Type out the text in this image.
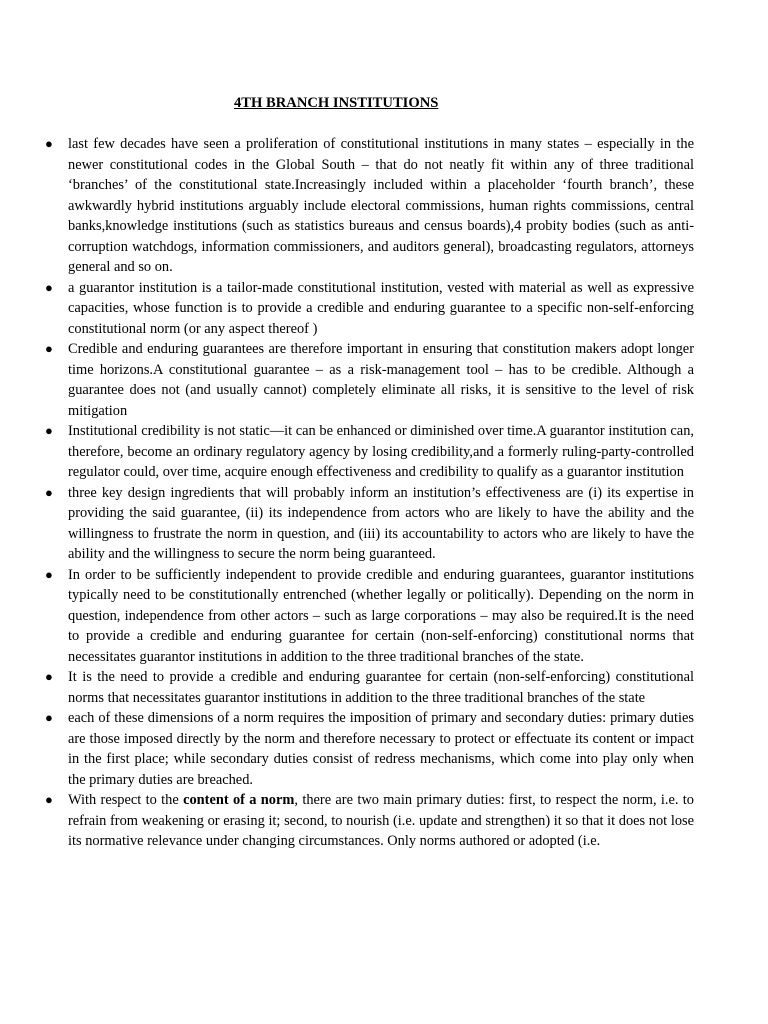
4TH BRANCH INSTITUTIONS
● last few decades have seen a proliferation of constitutional institutions in many states – especially in the newer constitutional codes in the Global South – that do not neatly fit within any of three traditional ‘branches’ of the constitutional state.Increasingly included within a placeholder ‘fourth branch’, these awkwardly hybrid institutions arguably include electoral commissions, human rights commissions, central banks,knowledge institutions (such as statistics bureaus and census boards),4 probity bodies (such as anti-corruption watchdogs, information commissioners, and auditors general), broadcasting regulators, attorneys general and so on.
● a guarantor institution is a tailor-made constitutional institution, vested with material as well as expressive capacities, whose function is to provide a credible and enduring guarantee to a specific non-self-enforcing constitutional norm (or any aspect thereof )
● Credible and enduring guarantees are therefore important in ensuring that constitution makers adopt longer time horizons.A constitutional guarantee – as a risk-management tool – has to be credible. Although a guarantee does not (and usually cannot) completely eliminate all risks, it is sensitive to the level of risk mitigation
● Institutional credibility is not static—it can be enhanced or diminished over time.A guarantor institution can, therefore, become an ordinary regulatory agency by losing credibility,and a formerly ruling-party-controlled regulator could, over time, acquire enough effectiveness and credibility to qualify as a guarantor institution
● three key design ingredients that will probably inform an institution’s effectiveness are (i) its expertise in providing the said guarantee, (ii) its independence from actors who are likely to have the ability and the willingness to frustrate the norm in question, and (iii) its accountability to actors who are likely to have the ability and the willingness to secure the norm being guaranteed.
● In order to be sufficiently independent to provide credible and enduring guarantees, guarantor institutions typically need to be constitutionally entrenched (whether legally or politically). Depending on the norm in question, independence from other actors – such as large corporations – may also be required.It is the need to provide a credible and enduring guarantee for certain (non-self-enforcing) constitutional norms that necessitates guarantor institutions in addition to the three traditional branches of the state.
● It is the need to provide a credible and enduring guarantee for certain (non-self-enforcing) constitutional norms that necessitates guarantor institutions in addition to the three traditional branches of the state
● each of these dimensions of a norm requires the imposition of primary and secondary duties: primary duties are those imposed directly by the norm and therefore necessary to protect or effectuate its content or impact in the first place; while secondary duties consist of redress mechanisms, which come into play only when the primary duties are breached.
● With respect to the content of a norm, there are two main primary duties: first, to respect the norm, i.e. to refrain from weakening or erasing it; second, to nourish (i.e. update and strengthen) it so that it does not lose its normative relevance under changing circumstances. Only norms authored or adopted (i.e.
